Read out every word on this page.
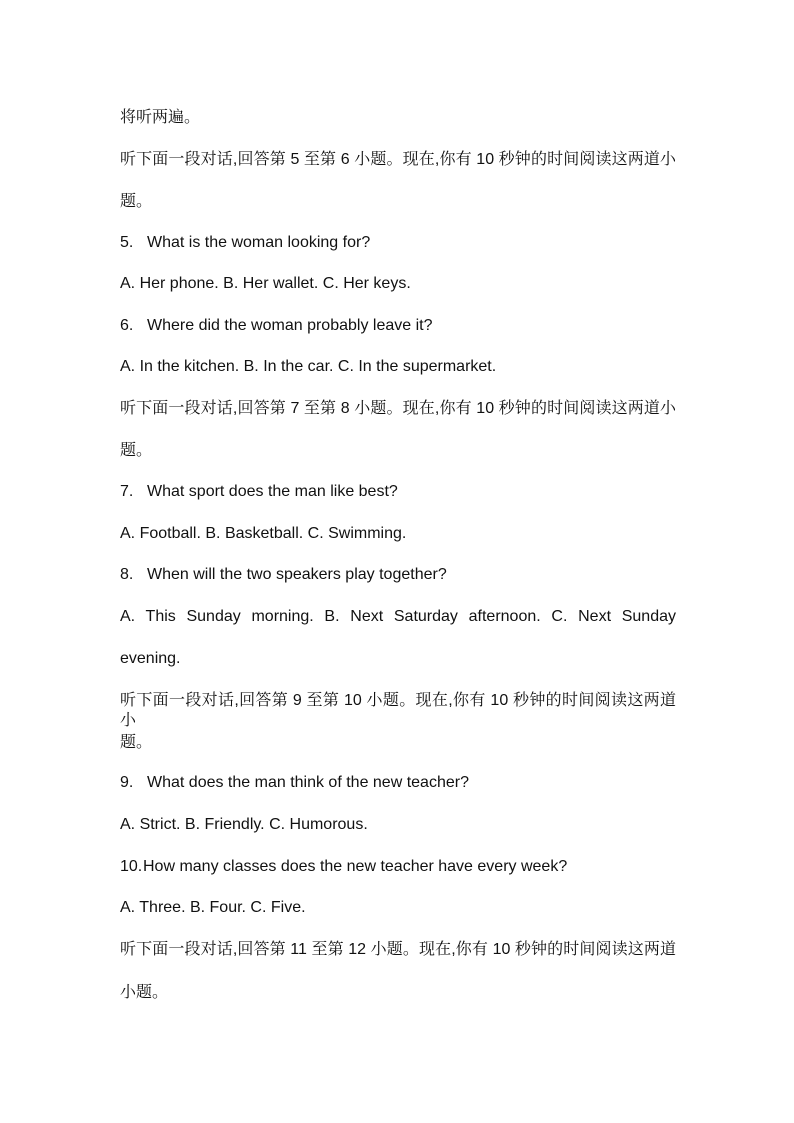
将听两遍。
听下面一段对话,回答第 5 至第 6 小题。现在,你有 10 秒钟的时间阅读这两道小
题。
5. What is the woman looking for?
A. Her phone. B. Her wallet. C. Her keys.
6. Where did the woman probably leave it?
A. In the kitchen. B. In the car. C. In the supermarket.
听下面一段对话,回答第 7 至第 8 小题。现在,你有 10 秒钟的时间阅读这两道小
题。
7. What sport does the man like best?
A. Football. B. Basketball. C. Swimming.
8. When will the two speakers play together?
A. This Sunday morning. B. Next Saturday afternoon. C. Next Sunday
evening.
听下面一段对话,回答第 9 至第 10 小题。现在,你有 10 秒钟的时间阅读这两道小
题。
9. What does the man think of the new teacher?
A. Strict. B. Friendly. C. Humorous.
10.How many classes does the new teacher have every week?
A. Three. B. Four. C. Five.
听下面一段对话,回答第 11 至第 12 小题。现在,你有 10 秒钟的时间阅读这两道
小题。
